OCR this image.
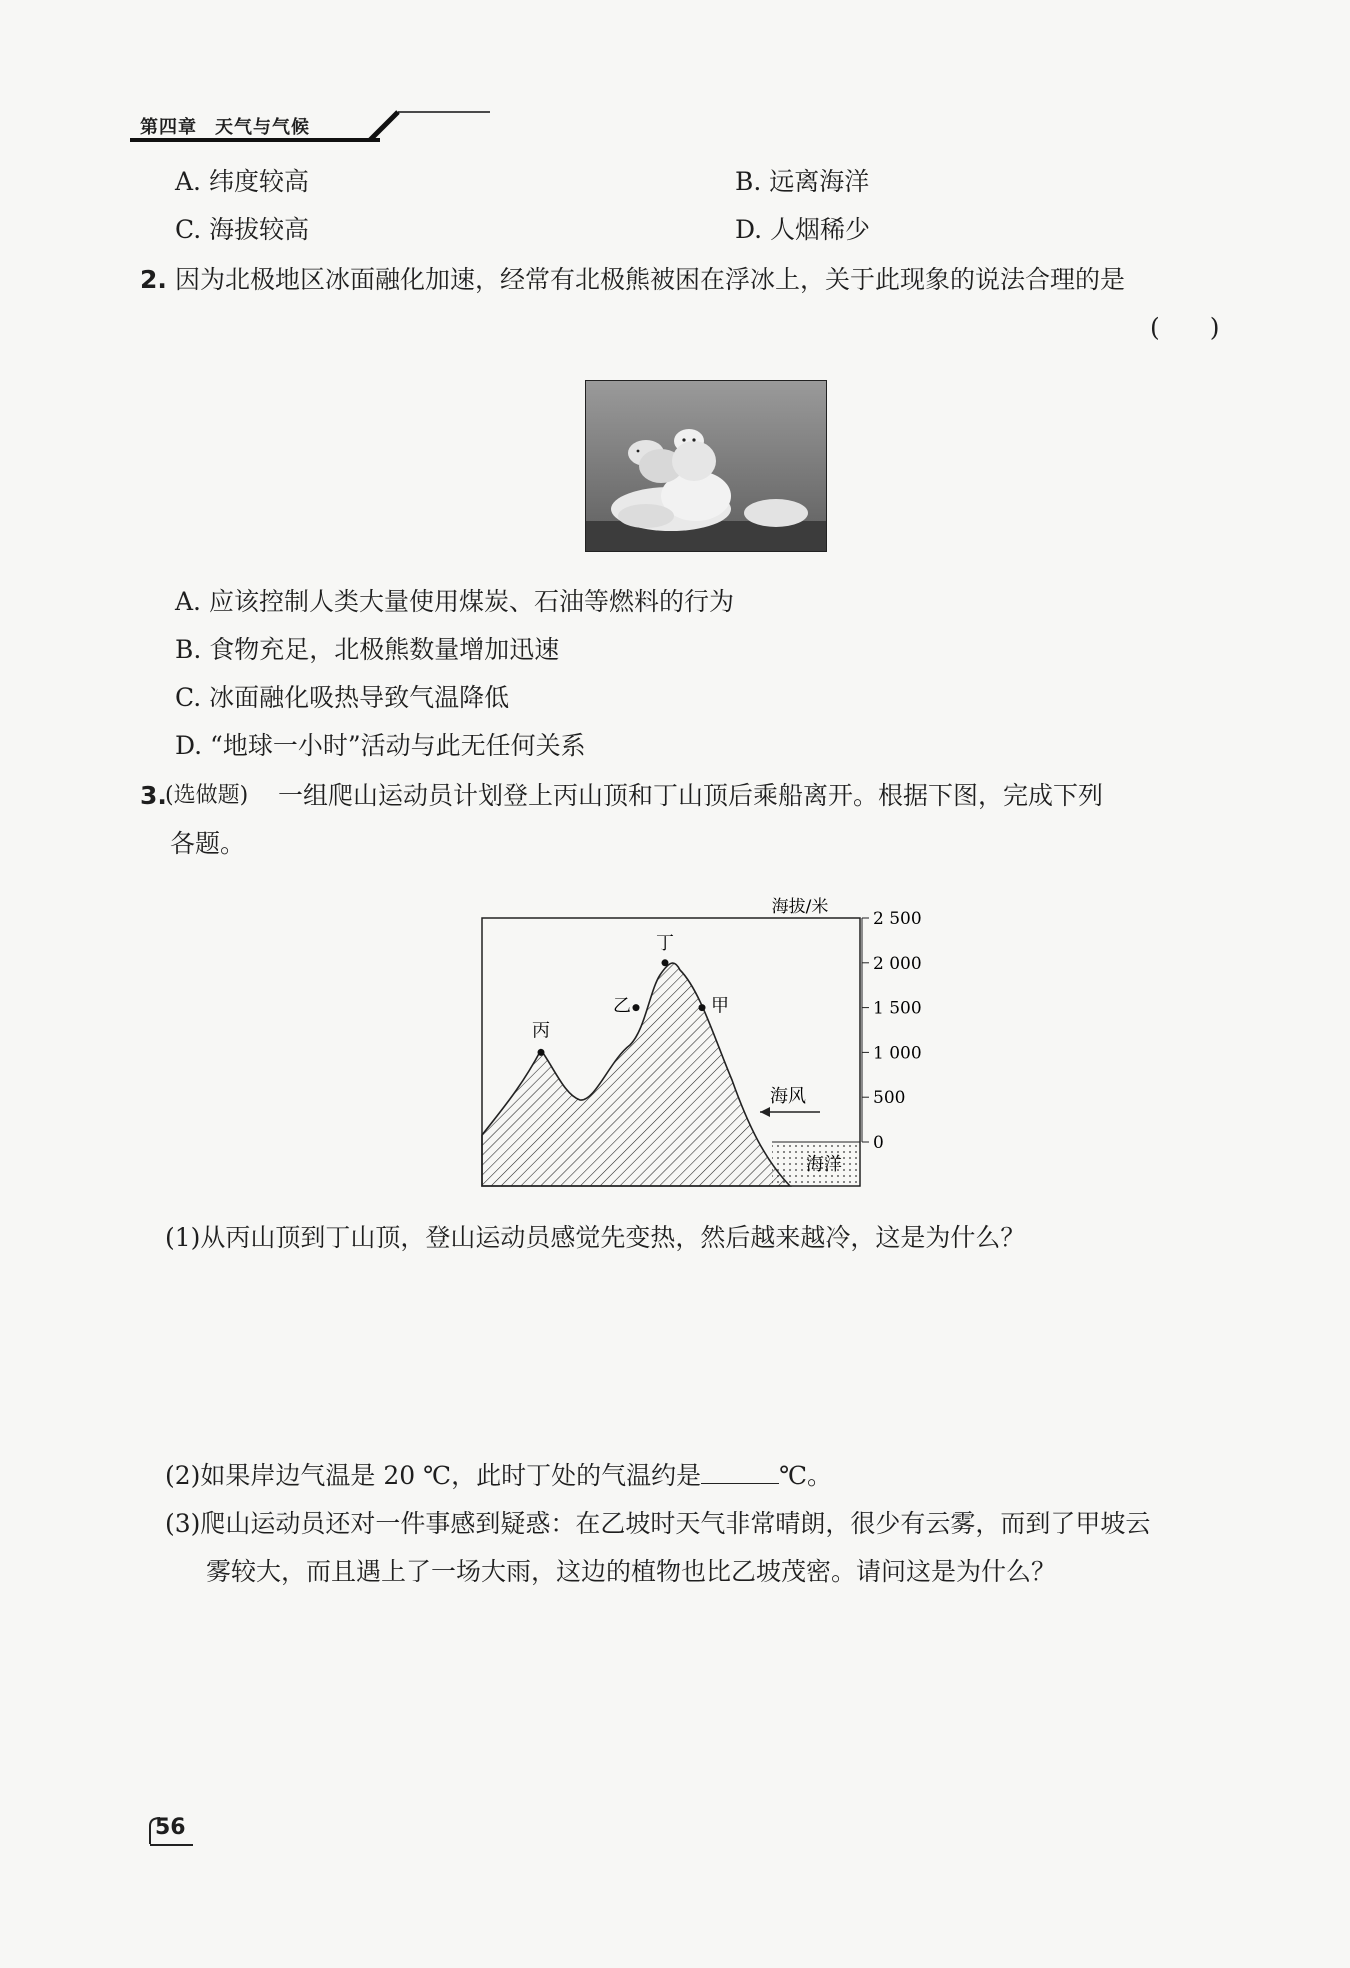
第四章 天气与气候
A. 纬度较高	B. 远离海洋
C. 海拔较高	D. 人烟稀少
2. 因为北极地区冰面融化加速，经常有北极熊被困在浮冰上，关于此现象的说法合理的是
(　　)
A. 应该控制人类大量使用煤炭、石油等燃料的行为
B. 食物充足，北极熊数量增加迅速
C. 冰面融化吸热导致气温降低
D. “地球一小时”活动与此无任何关系
3.
(选做题) 一组爬山运动员计划登上丙山顶和丁山顶后乘船离开。根据下图，完成下列
各题。
海拔/米
0
500
1 000
1 500
2 000
2 500
丙
丁
乙	甲
海风
海洋
(1)从丙山顶到丁山顶，登山运动员感觉先变热，然后越来越冷，这是为什么？
(2)如果岸边气温是 20 ℃，此时丁处的气温约是	℃。
(3)爬山运动员还对一件事感到疑惑：在乙坡时天气非常晴朗，很少有云雾，而到了甲坡云
雾较大，而且遇上了一场大雨，这边的植物也比乙坡茂密。请问这是为什么？
56
